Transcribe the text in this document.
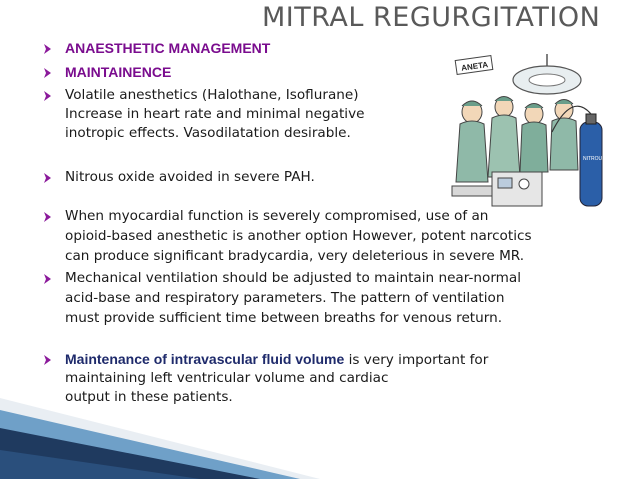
MITRAL REGURGITATION
ANAESTHETIC MANAGEMENT
MAINTAINENCE
Volatile anesthetics (Halothane, Isoflurane)
Increase in heart rate and minimal negative
inotropic effects. Vasodilatation desirable.
Nitrous oxide avoided in severe PAH.
When myocardial function is severely compromised, use of an
opioid-based anesthetic is another option However, potent narcotics
can produce significant bradycardia, very deleterious in severe MR.
Mechanical ventilation should be adjusted to maintain near-normal
acid-base and respiratory parameters. The pattern of ventilation
must provide sufficient time between breaths for venous return.
Maintenance of intravascular fluid volume is very important for
maintaining left ventricular volume and cardiac
output in these patients.
ANETA
NITROUS OXIDE
